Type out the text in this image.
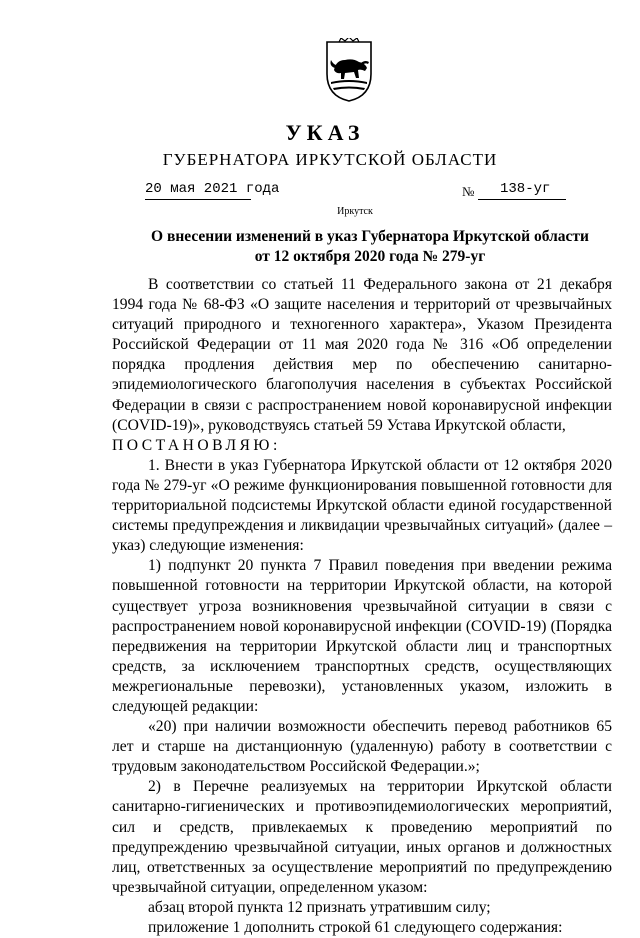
УКАЗ
ГУБЕРНАТОРА ИРКУТСКОЙ ОБЛАСТИ
20 мая 2021 года	№ 138-уг
Иркутск
О внесении изменений в указ Губернатора Иркутской области
от 12 октября 2020 года № 279-уг

В соответствии со статьей 11 Федерального закона от 21 декабря 1994 года № 68-ФЗ «О защите населения и территорий от чрезвычайных ситуаций природного и техногенного характера», Указом Президента Российской Федерации от 11 мая 2020 года № 316 «Об определении порядка продления действия мер по обеспечению санитарно-эпидемиологического благополучия населения в субъектах Российской Федерации в связи с распространением новой коронавирусной инфекции (COVID-19)», руководствуясь статьей 59 Устава Иркутской области,

ПОСТАНОВЛЯЮ:

1. Внести в указ Губернатора Иркутской области от 12 октября 2020 года № 279-уг «О режиме функционирования повышенной готовности для территориальной подсистемы Иркутской области единой государственной системы предупреждения и ликвидации чрезвычайных ситуаций» (далее – указ) следующие изменения:

1) подпункт 20 пункта 7 Правил поведения при введении режима повышенной готовности на территории Иркутской области, на которой существует угроза возникновения чрезвычайной ситуации в связи с распространением новой коронавирусной инфекции (COVID-19) (Порядка передвижения на территории Иркутской области лиц и транспортных средств, за исключением транспортных средств, осуществляющих межрегиональные перевозки), установленных указом, изложить в следующей редакции:

«20) при наличии возможности обеспечить перевод работников 65 лет и старше на дистанционную (удаленную) работу в соответствии с трудовым законодательством Российской Федерации.»;

2) в Перечне реализуемых на территории Иркутской области санитарно-гигиенических и противоэпидемиологических мероприятий, сил и средств, привлекаемых к проведению мероприятий по предупреждению чрезвычайной ситуации, иных органов и должностных лиц, ответственных за осуществление мероприятий по предупреждению чрезвычайной ситуации, определенном указом:

абзац второй пункта 12 признать утратившим силу;

приложение 1 дополнить строкой 61 следующего содержания:
